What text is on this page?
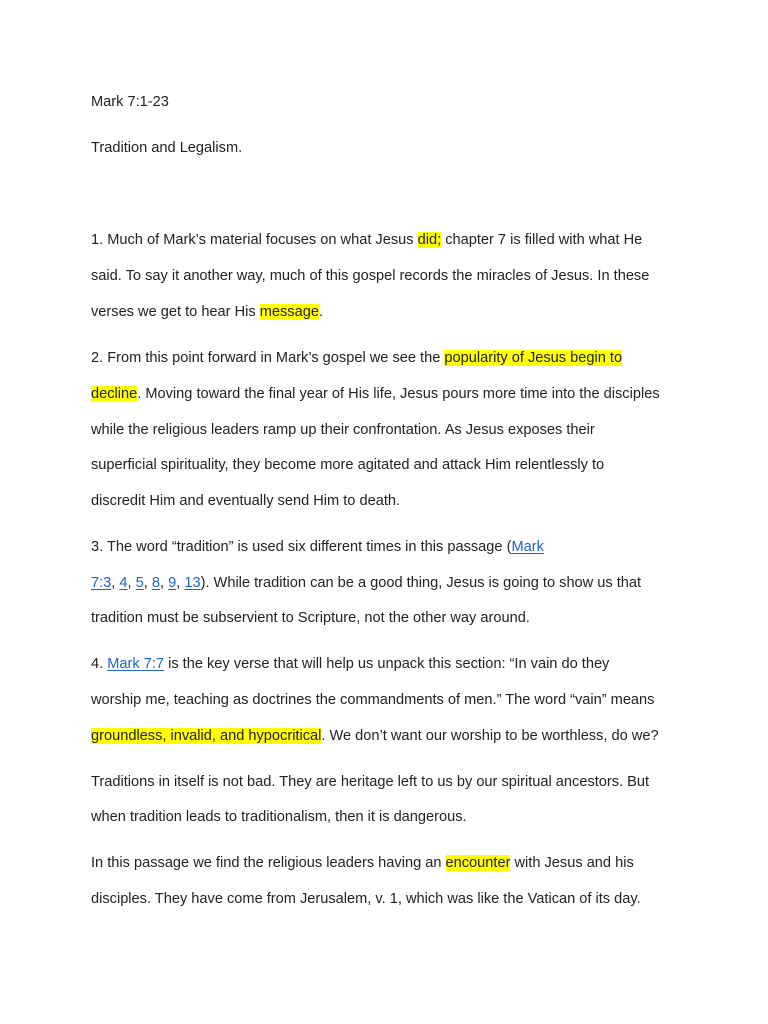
Mark 7:1-23
Tradition and Legalism.
1. Much of Mark’s material focuses on what Jesus did; chapter 7 is filled with what He
said. To say it another way, much of this gospel records the miracles of Jesus. In these
verses we get to hear His message.
2. From this point forward in Mark’s gospel we see the popularity of Jesus begin to
decline. Moving toward the final year of His life, Jesus pours more time into the disciples
while the religious leaders ramp up their confrontation. As Jesus exposes their
superficial spirituality, they become more agitated and attack Him relentlessly to
discredit Him and eventually send Him to death.
3. The word “tradition” is used six different times in this passage (Mark
7:3, 4, 5, 8, 9, 13). While tradition can be a good thing, Jesus is going to show us that
tradition must be subservient to Scripture, not the other way around.
4. Mark 7:7 is the key verse that will help us unpack this section: “In vain do they
worship me, teaching as doctrines the commandments of men.” The word “vain” means
groundless, invalid, and hypocritical. We don’t want our worship to be worthless, do we?
Traditions in itself is not bad. They are heritage left to us by our spiritual ancestors. But
when tradition leads to traditionalism, then it is dangerous.
In this passage we find the religious leaders having an encounter with Jesus and his
disciples. They have come from Jerusalem, v. 1, which was like the Vatican of its day.
